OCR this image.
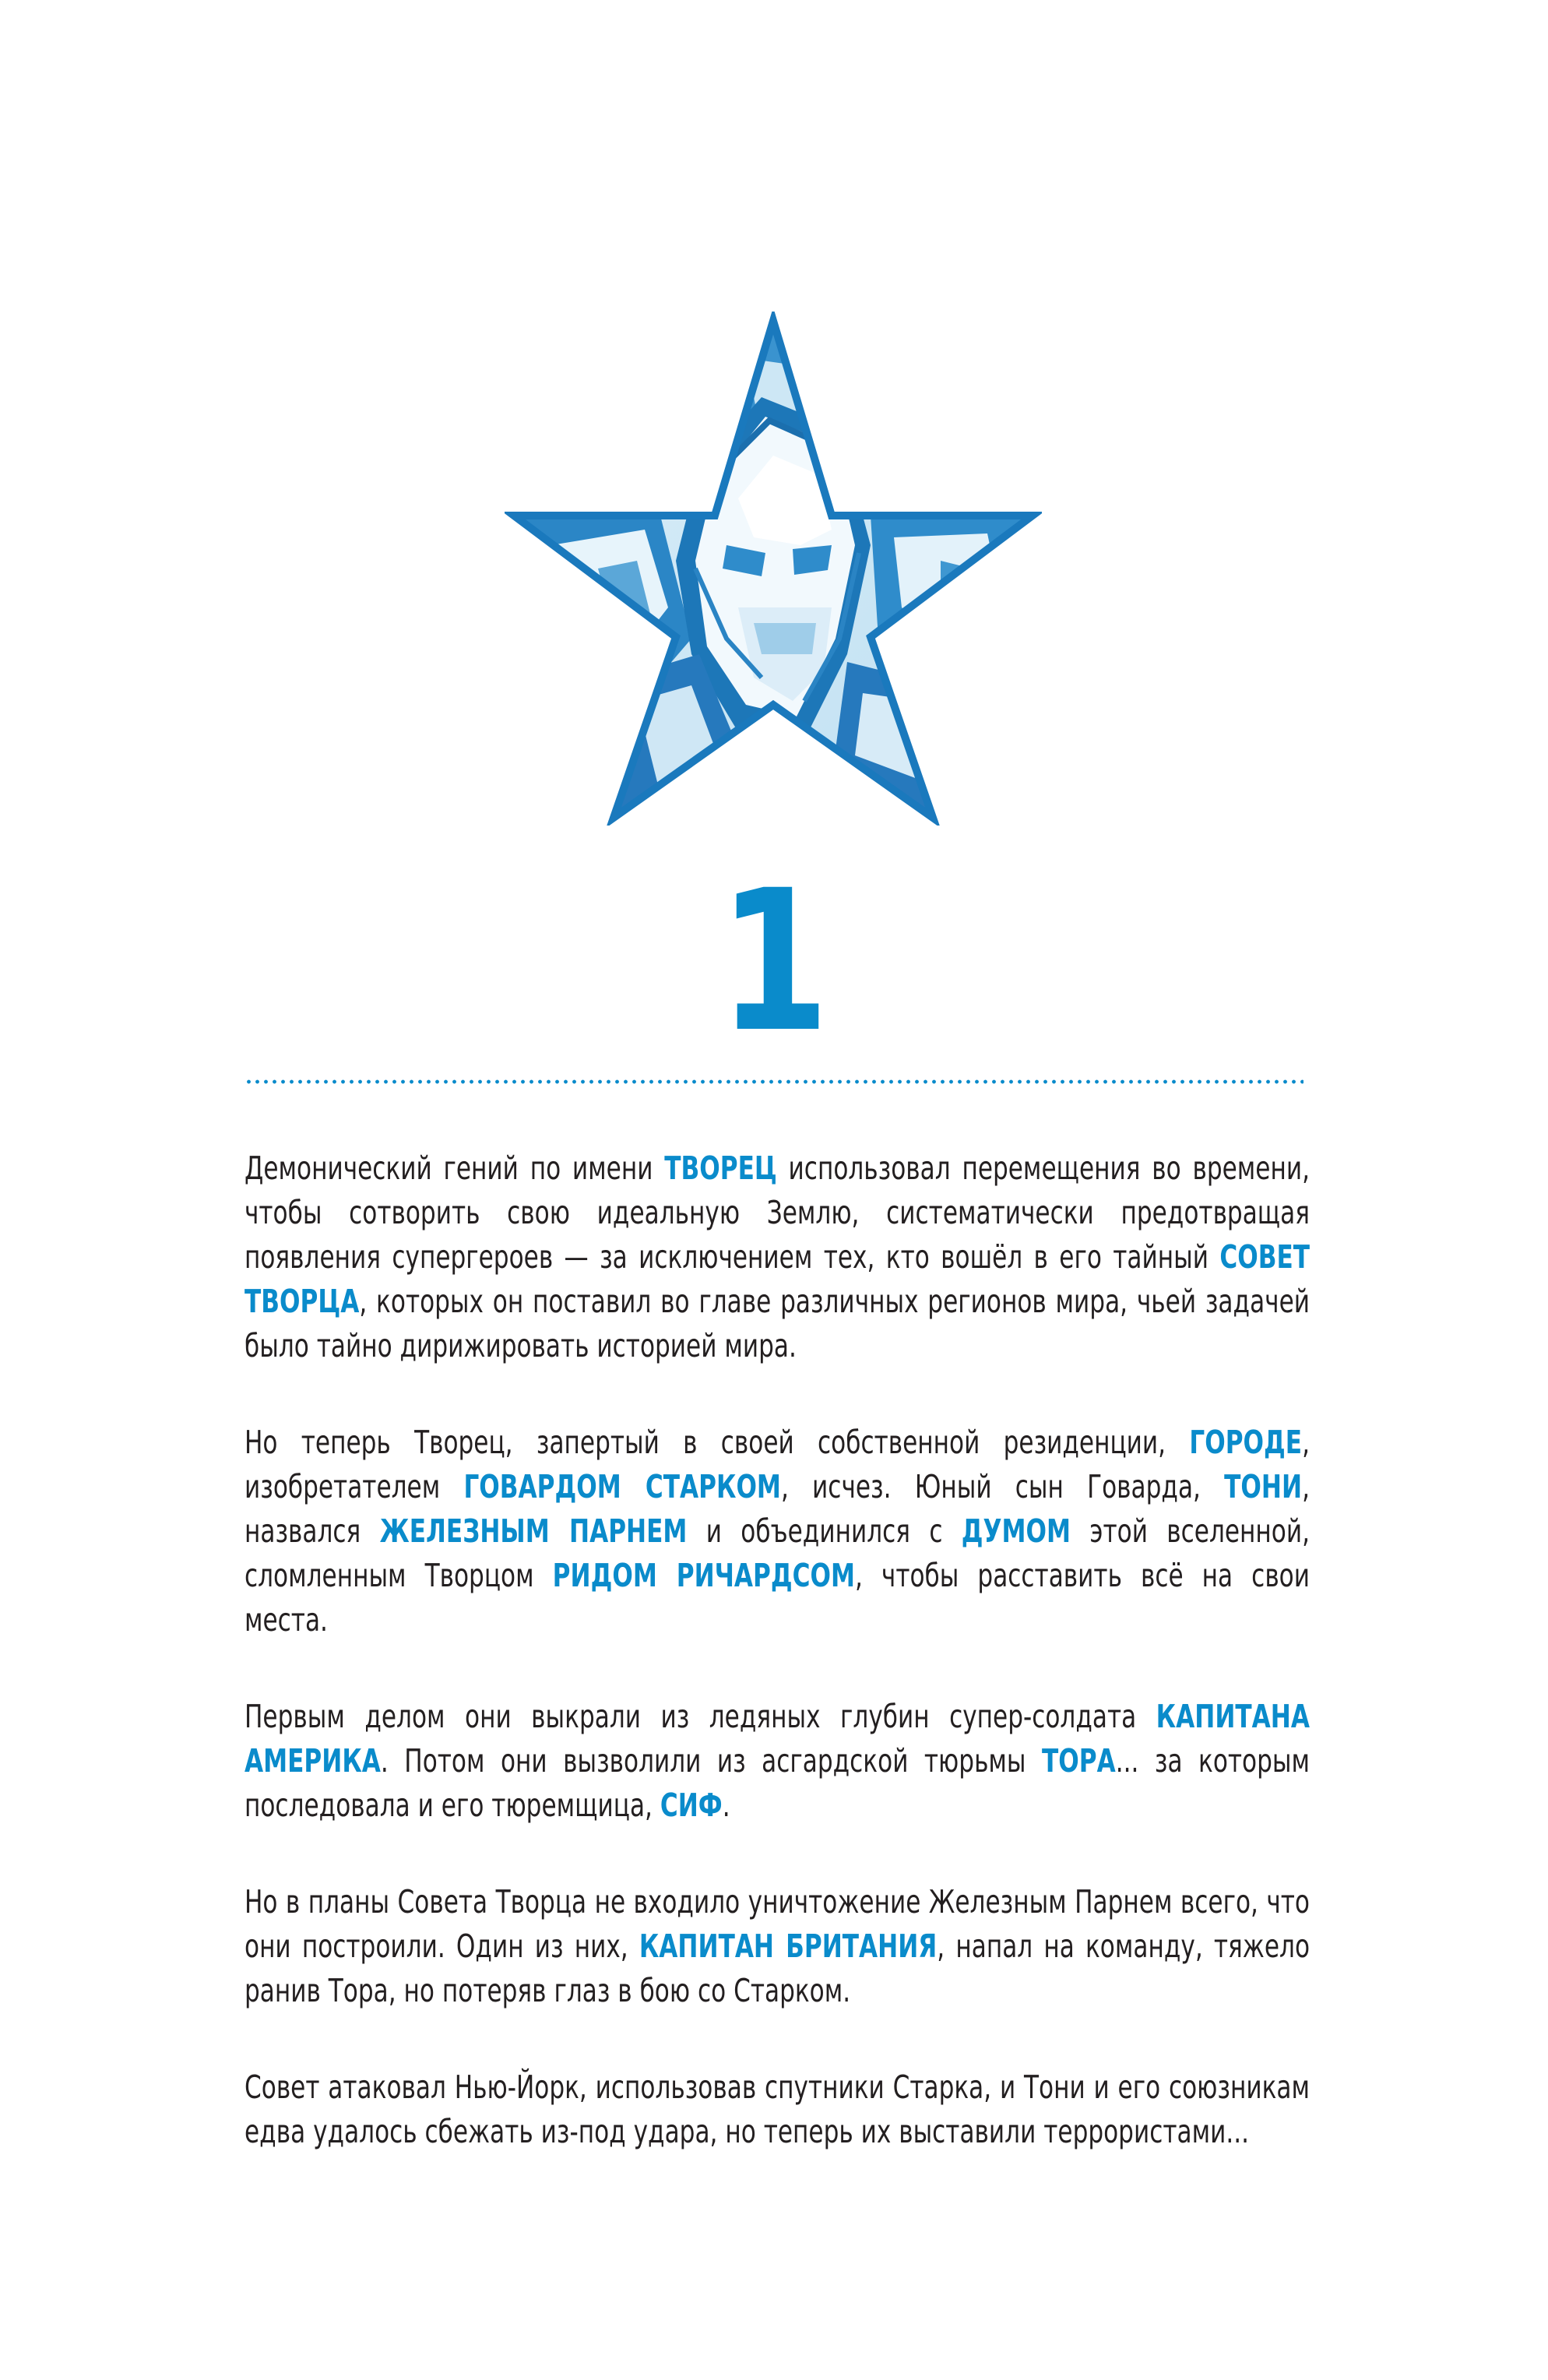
1

Демонический гений по имени ТВОРЕЦ использовал перемещения во времени, чтобы сотворить свою идеальную Землю, систематически предотвращая появления супергероев — за исключением тех, кто вошёл в его тайный СОВЕТ ТВОРЦА, которых он поставил во главе различных регионов мира, чьей задачей было тайно дирижировать историей мира.

Но теперь Творец, запертый в своей собственной резиденции, ГОРОДЕ, изобретателем ГОВАРДОМ СТАРКОМ, исчез. Юный сын Говарда, ТОНИ, назвался ЖЕЛЕЗНЫМ ПАРНЕМ и объединился с ДУМОМ этой вселенной, сломленным Творцом РИДОМ РИЧАРДСОМ, чтобы расставить всё на свои места.

Первым делом они выкрали из ледяных глубин супер-солдата КАПИТАНА АМЕРИКА. Потом они вызволили из асгардской тюрьмы ТОРА... за которым последовала и его тюремщица, СИФ.

Но в планы Совета Творца не входило уничтожение Железным Парнем всего, что они построили. Один из них, КАПИТАН БРИТАНИЯ, напал на команду, тяжело ранив Тора, но потеряв глаз в бою со Старком.

Совет атаковал Нью-Йорк, использовав спутники Старка, и Тони и его союзникам едва удалось сбежать из-под удара, но теперь их выставили террористами...
